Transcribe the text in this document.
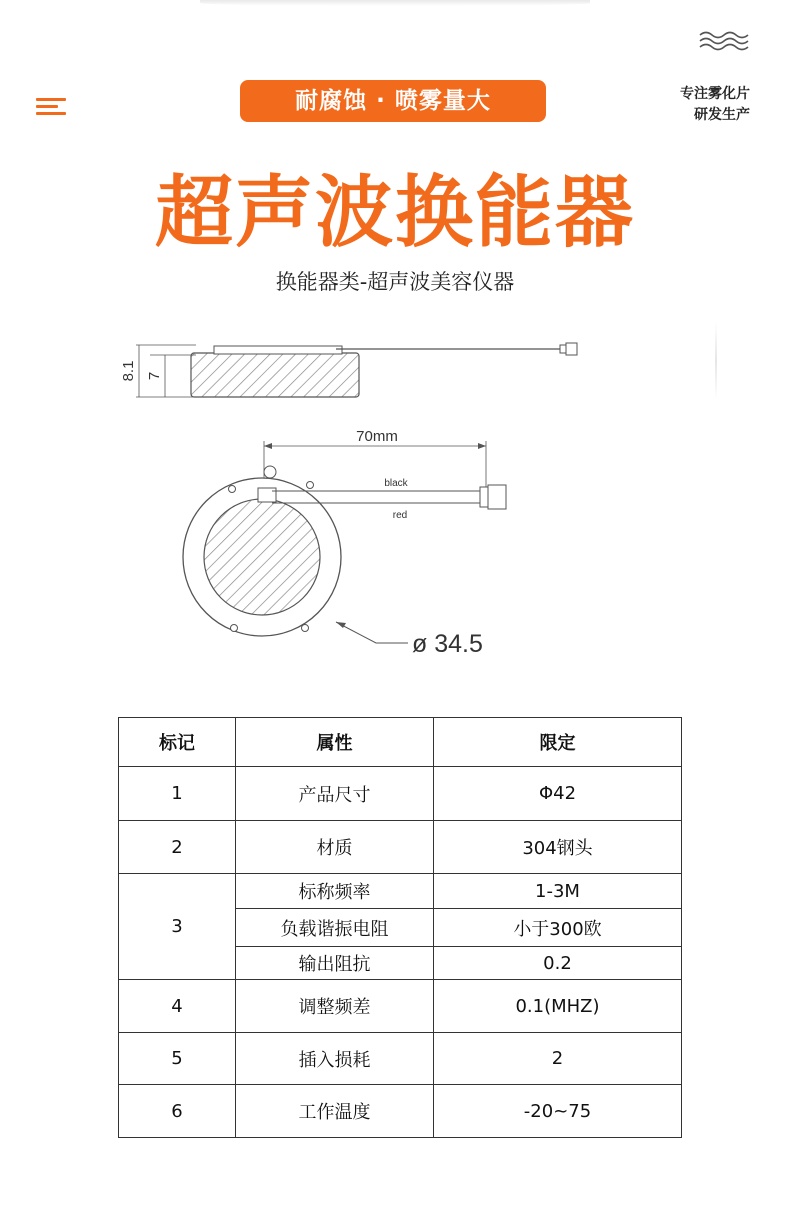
耐腐蚀 · 喷雾量大	专注雾化片
研发生产
超声波换能器
换能器类-超声波美容仪器
8.1 7
70mm
black
red
ø 34.5
标记	属性	限定
1	产品尺寸	Φ42
2	材质	304钢头
3	标称频率	1-3M
	负载谐振电阻	小于300欧
	输出阻抗	0.2
4	调整频差	0.1(MHZ)
5	插入损耗	2
6	工作温度	-20~75
